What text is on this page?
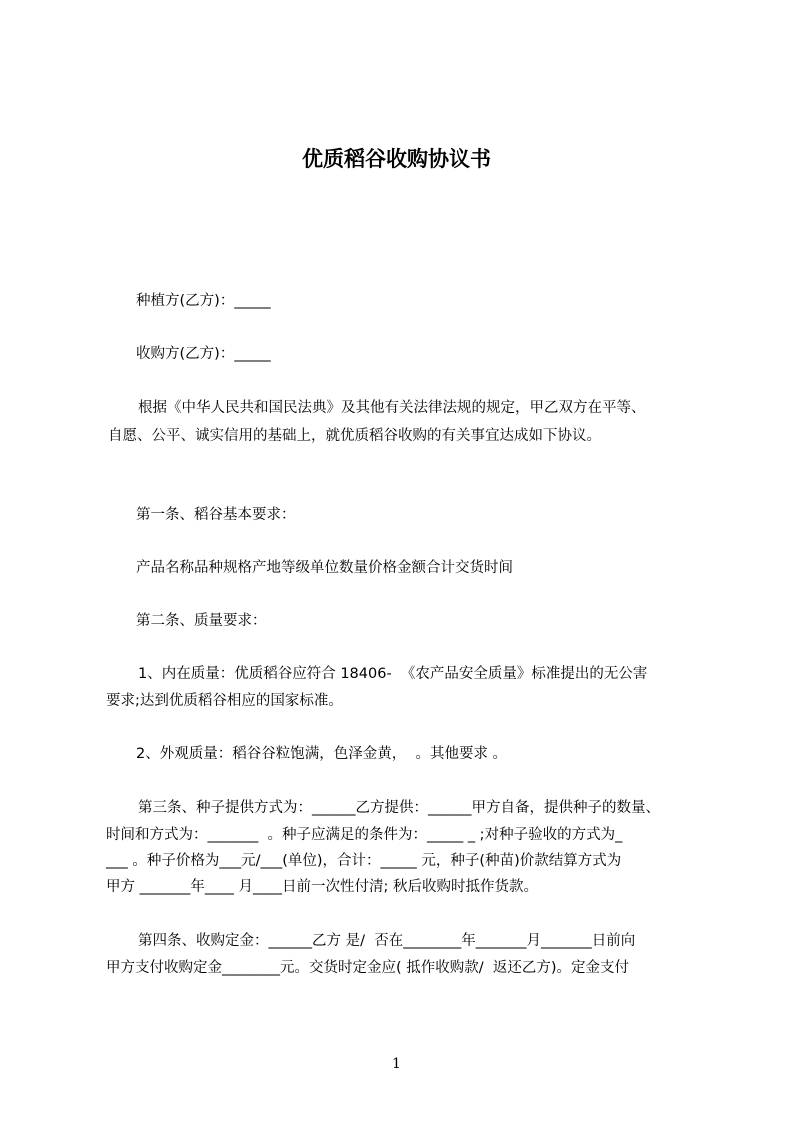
优质稻谷收购协议书
种植方(乙方)：_____
收购方(乙方)：_____
根据《中华人民共和国民法典》及其他有关法律法规的规定，甲乙双方在平等、
自愿、公平、诚实信用的基础上，就优质稻谷收购的有关事宜达成如下协议。
第一条、稻谷基本要求：
产品名称品种规格产地等级单位数量价格金额合计交货时间
第二条、质量要求：
1、内在质量：优质稻谷应符合 18406-  《农产品安全质量》标准提出的无公害
要求;达到优质稻谷相应的国家标准。
2、外观质量：稻谷谷粒饱满，色泽金黄，  。其他要求 。
第三条、种子提供方式为：______乙方提供：______甲方自备，提供种子的数量、
时间和方式为：_______  。种子应满足的条件为：_____ _ ;对种子验收的方式为_
___ 。种子价格为___元/___(单位)，合计：_____ 元，种子(种苗)价款结算方式为
甲方 _______年____ 月____日前一次性付清; 秋后收购时抵作货款。
第四条、收购定金：______乙方 是/  否在________年_______月_______日前向
甲方支付收购定金________元。交货时定金应( 抵作收购款/  返还乙方)。定金支付
1
